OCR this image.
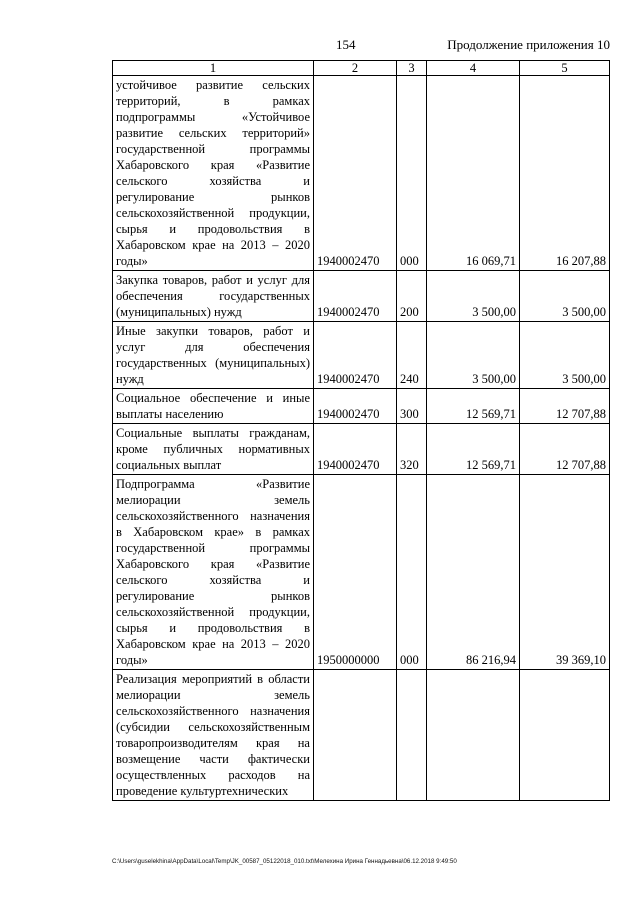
154	Продолжение приложения 10
1	2	3	4	5
устойчивое развитие сельских территорий, в рамках подпрограммы «Устойчивое развитие сельских территорий» государственной программы Хабаровского края «Развитие сельского хозяйства и регулирование рынков сельскохозяйственной продукции, сырья и продовольствия в Хабаровском крае на 2013 – 2020 годы»	1940002470	000	16 069,71	16 207,88
Закупка товаров, работ и услуг для обеспечения государственных (муниципальных) нужд	1940002470	200	3 500,00	3 500,00
Иные закупки товаров, работ и услуг для обеспечения государственных (муниципальных) нужд	1940002470	240	3 500,00	3 500,00
Социальное обеспечение и иные выплаты населению	1940002470	300	12 569,71	12 707,88
Социальные выплаты гражданам, кроме публичных нормативных социальных выплат	1940002470	320	12 569,71	12 707,88
Подпрограмма «Развитие мелиорации земель сельскохозяйственного назначения в Хабаровском крае» в рамках государственной программы Хабаровского края «Развитие сельского хозяйства и регулирование рынков сельскохозяйственной продукции, сырья и продовольствия в Хабаровском крае на 2013 – 2020 годы»	1950000000	000	86 216,94	39 369,10
Реализация мероприятий в области мелиорации земель сельскохозяйственного назначения (субсидии сельскохозяйственным товаропроизводителям края на возмещение части фактически осуществленных расходов на проведение культуртехнических				
C:\Users\guselekhina\AppData\Local\Temp\JK_00587_05122018_010.txt\Мелехина Ирина Геннадьевна\06.12.2018 9:49:50
